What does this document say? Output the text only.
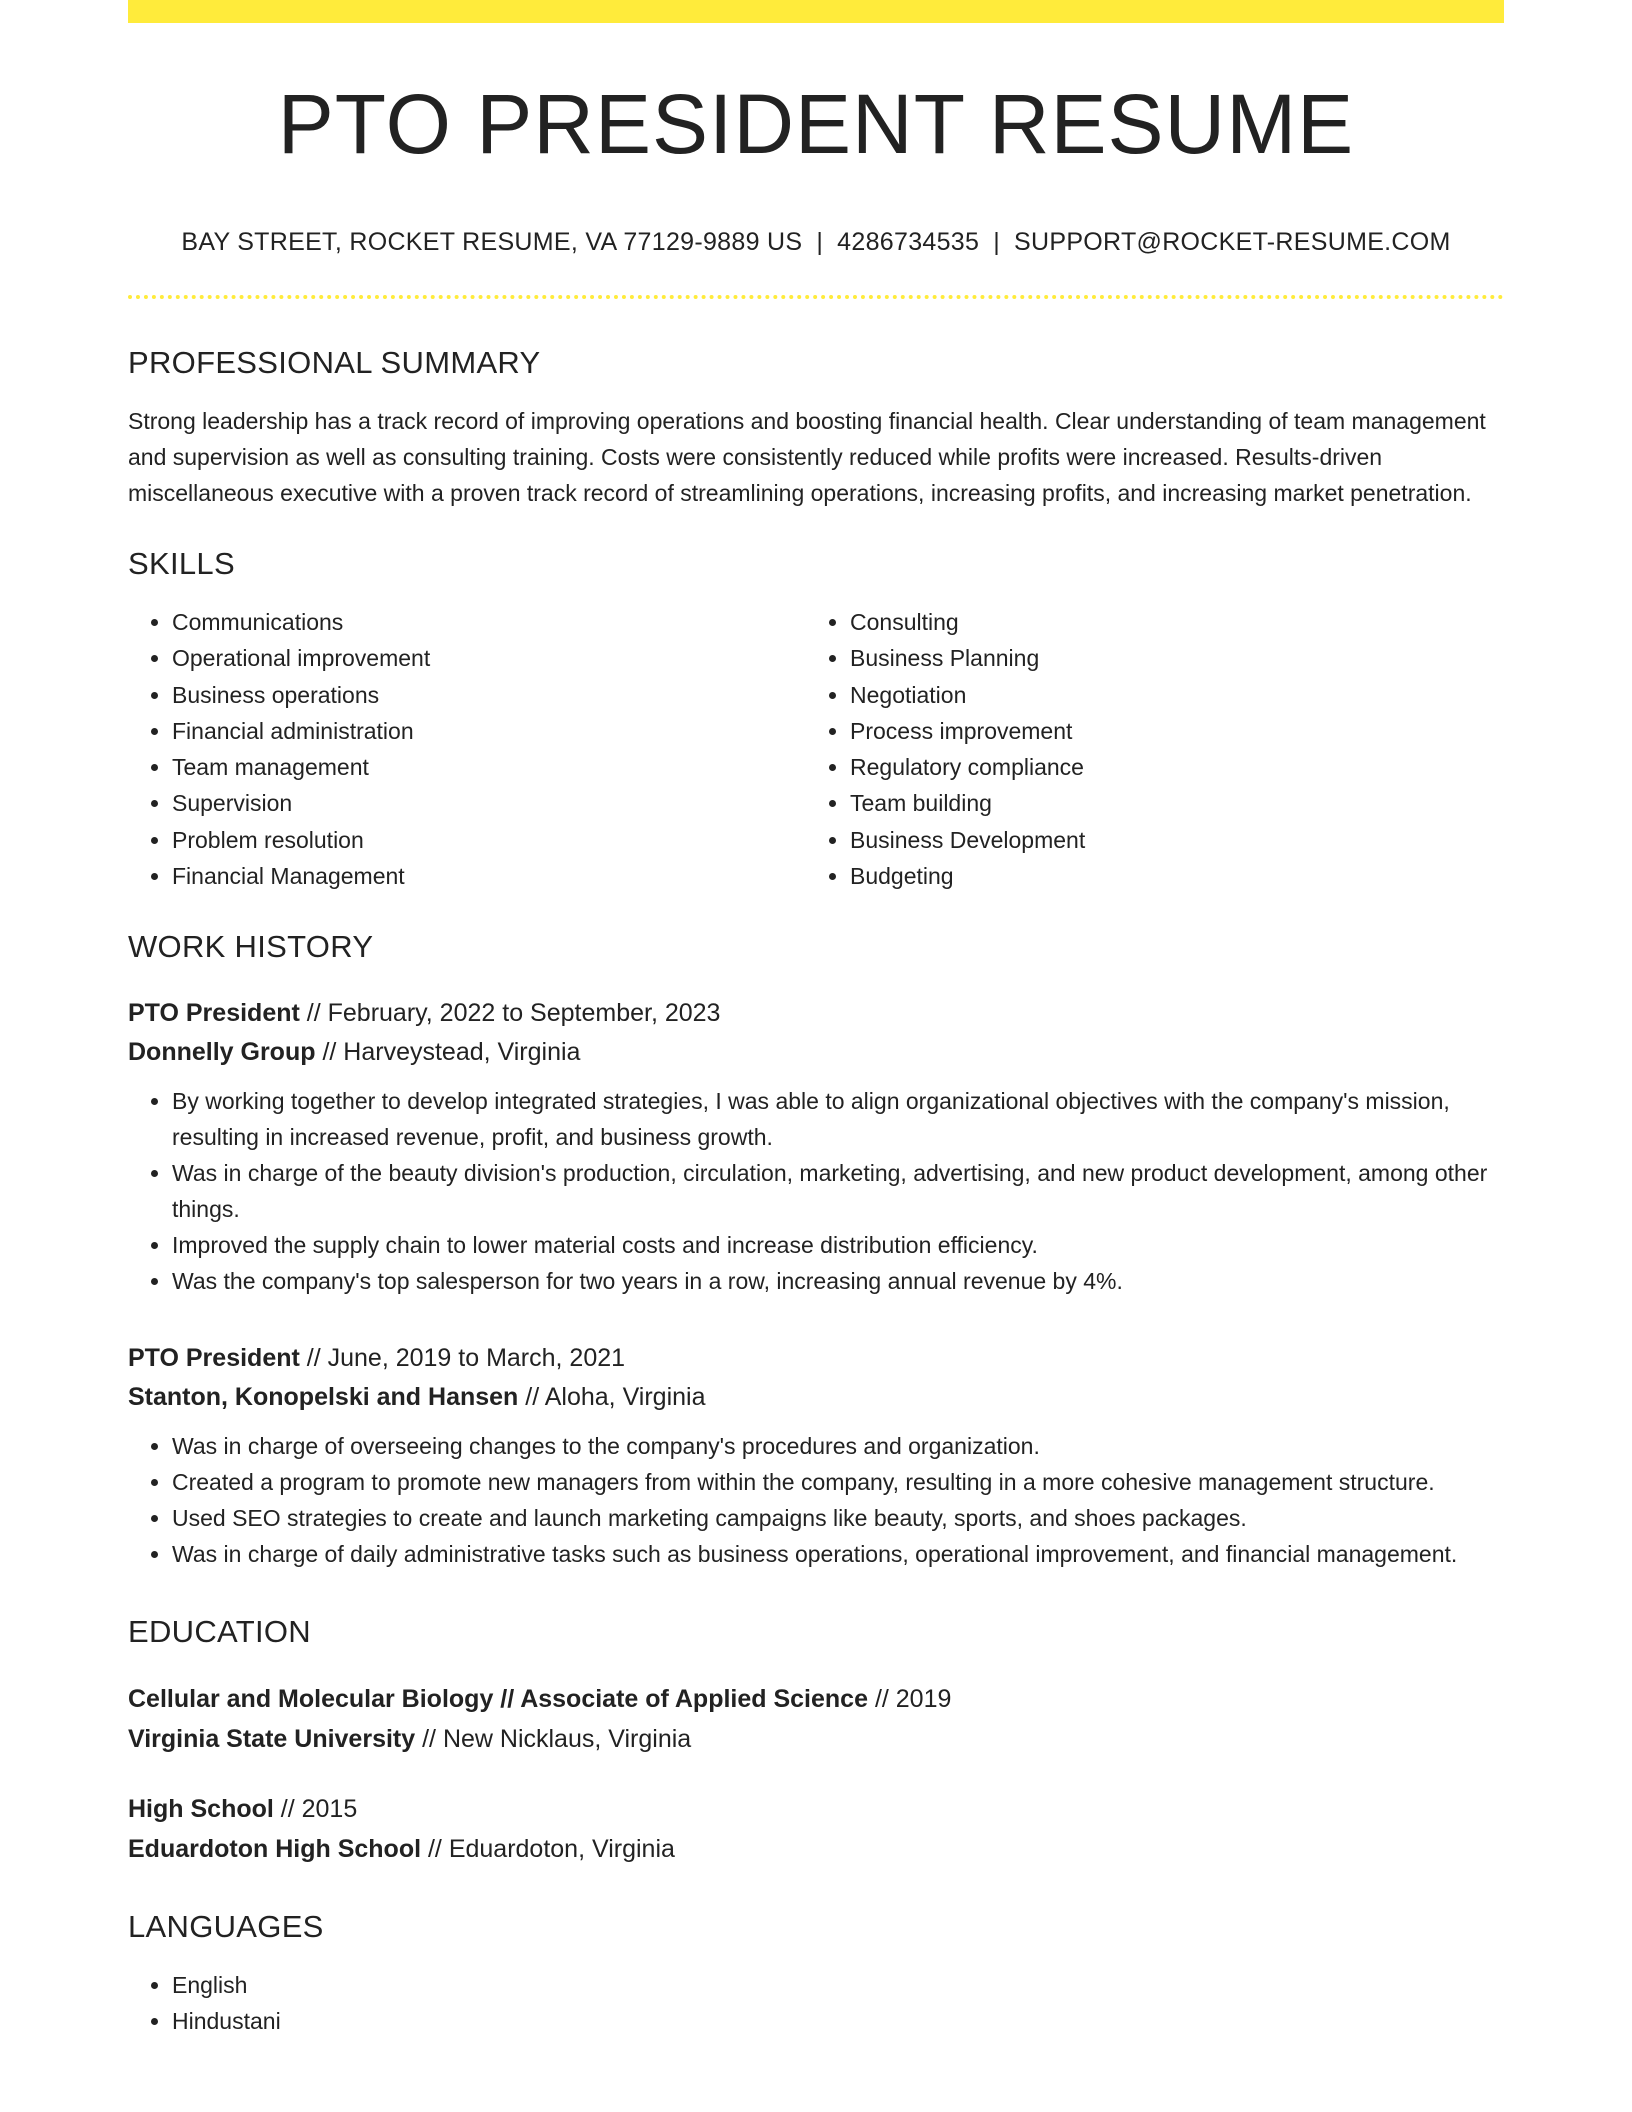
PTO PRESIDENT RESUME
BAY STREET, ROCKET RESUME, VA 77129-9889 US | 4286734535 | SUPPORT@ROCKET-RESUME.COM
PROFESSIONAL SUMMARY

Strong leadership has a track record of improving operations and boosting financial health. Clear understanding of team management and supervision as well as consulting training. Costs were consistently reduced while profits were increased. Results-driven miscellaneous executive with a proven track record of streamlining operations, increasing profits, and increasing market penetration.

SKILLS
• Communications
• Operational improvement
• Business operations
• Financial administration
• Team management
• Supervision
• Problem resolution
• Financial Management
• Consulting
• Business Planning
• Negotiation
• Process improvement
• Regulatory compliance
• Team building
• Business Development
• Budgeting
WORK HISTORY
PTO President // February, 2022 to September, 2023
Donnelly Group // Harveystead, Virginia
• By working together to develop integrated strategies, I was able to align organizational objectives with the company's mission, resulting in increased revenue, profit, and business growth.
• Was in charge of the beauty division's production, circulation, marketing, advertising, and new product development, among other things.
• Improved the supply chain to lower material costs and increase distribution efficiency.
• Was the company's top salesperson for two years in a row, increasing annual revenue by 4%.
PTO President // June, 2019 to March, 2021
Stanton, Konopelski and Hansen // Aloha, Virginia
• Was in charge of overseeing changes to the company's procedures and organization.
• Created a program to promote new managers from within the company, resulting in a more cohesive management structure.
• Used SEO strategies to create and launch marketing campaigns like beauty, sports, and shoes packages.
• Was in charge of daily administrative tasks such as business operations, operational improvement, and financial management.
EDUCATION
Cellular and Molecular Biology // Associate of Applied Science // 2019
Virginia State University // New Nicklaus, Virginia
High School // 2015
Eduardoton High School // Eduardoton, Virginia
LANGUAGES
• English
• Hindustani
